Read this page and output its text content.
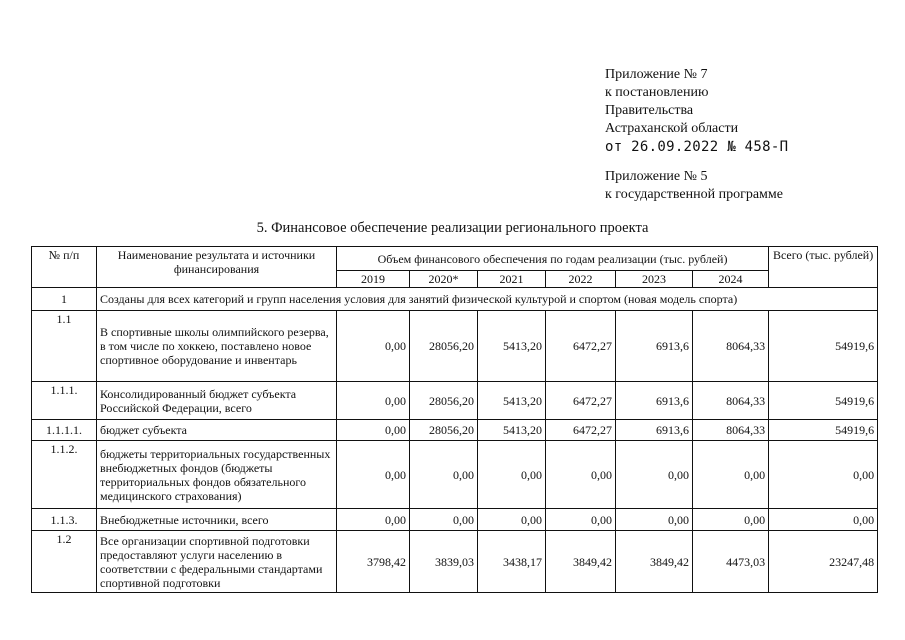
Приложение № 7
к постановлению
Правительства
Астраханской области
от 26.09.2022 № 458-П
Приложение № 5
к государственной программе
5. Финансовое обеспечение реализации регионального проекта
№ п/п	Наименование результата и источники финансирования	Объем финансового обеспечения по годам реализации (тыс. рублей)						Всего (тыс. рублей)
		2019	2020*	2021	2022	2023	2024	
1	Созданы для всех категорий и групп населения условия для занятий физической культурой и спортом (новая модель спорта)							
1.1	В спортивные школы олимпийского резерва, в том числе по хоккею, поставлено новое спортивное оборудование и инвентарь	0,00	28056,20	5413,20	6472,27	6913,6	8064,33	54919,6
1.1.1.	Консолидированный бюджет субъекта Российской Федерации, всего	0,00	28056,20	5413,20	6472,27	6913,6	8064,33	54919,6
1.1.1.1.	бюджет субъекта	0,00	28056,20	5413,20	6472,27	6913,6	8064,33	54919,6
1.1.2.	бюджеты территориальных государственных внебюджетных фондов (бюджеты территориальных фондов обязательного медицинского страхования)	0,00	0,00	0,00	0,00	0,00	0,00	0,00
1.1.3.	Внебюджетные источники, всего	0,00	0,00	0,00	0,00	0,00	0,00	0,00
1.2	Все организации спортивной подготовки предоставляют услуги населению в соответствии с федеральными стандартами спортивной подготовки	3798,42	3839,03	3438,17	3849,42	3849,42	4473,03	23247,48
